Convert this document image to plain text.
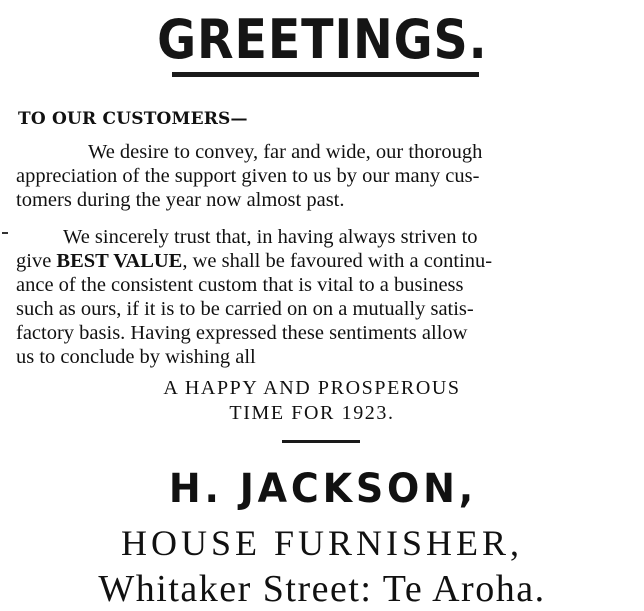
GREETINGS.
TO OUR CUSTOMERS—
We desire to convey, far and wide, our thorough
appreciation of the support given to us by our many cus-
tomers during the year now almost past.
We sincerely trust that, in having always striven to
give BEST VALUE, we shall be favoured with a continu-
ance of the consistent custom that is vital to a business
such as ours, if it is to be carried on on a mutually satis-
factory basis. Having expressed these sentiments allow
us to conclude by wishing all
A HAPPY AND PROSPEROUS
TIME FOR 1923.
H. JACKSON,
HOUSE FURNISHER,
Whitaker Street: Te Aroha.
